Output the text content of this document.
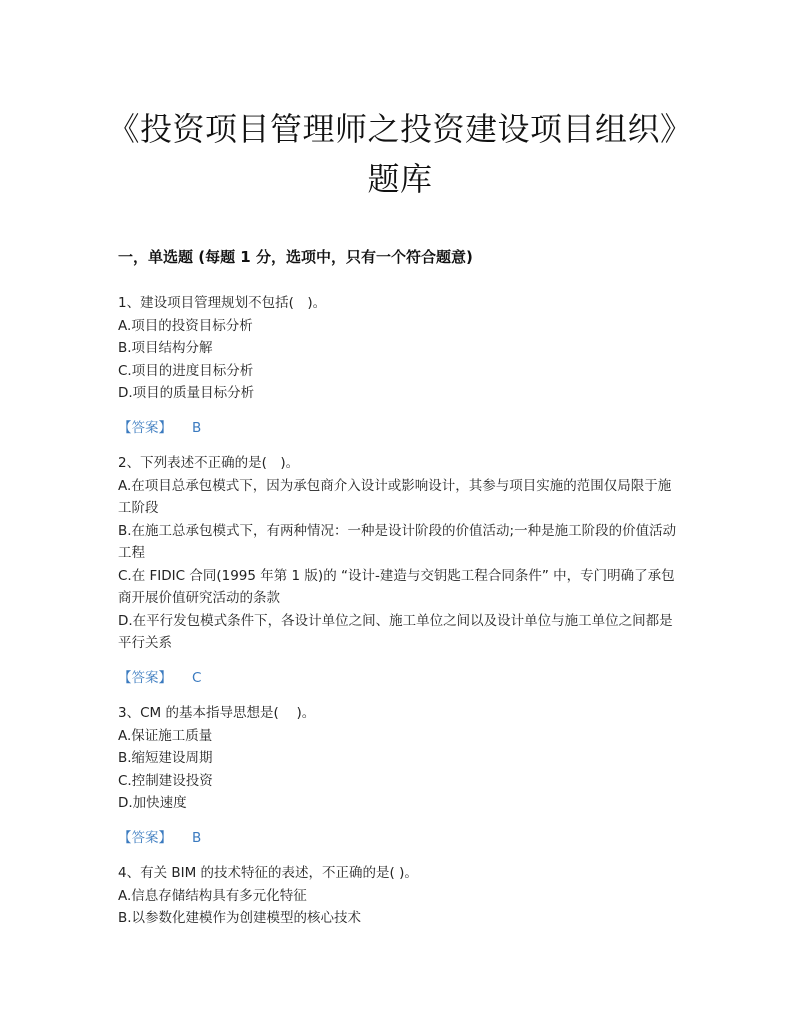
《投资项目管理师之投资建设项目组织》题库
一，单选题 (每题 1 分，选项中，只有一个符合题意)

1、建设项目管理规划不包括(　)。

A.项目的投资目标分析

B.项目结构分解

C.项目的进度目标分析

D.项目的质量目标分析

【答案】 B

2、下列表述不正确的是(　)。

A.在项目总承包模式下，因为承包商介入设计或影响设计，其参与项目实施的范围仅局限于施工阶段

B.在施工总承包模式下，有两种情况：一种是设计阶段的价值活动;一种是施工阶段的价值活动工程

C.在 FIDIC 合同(1995 年第 1 版)的 “设计-建造与交钥匙工程合同条件” 中，专门明确了承包商开展价值研究活动的条款

D.在平行发包模式条件下，各设计单位之间、施工单位之间以及设计单位与施工单位之间都是平行关系

【答案】 C

3、CM 的基本指导思想是(　 )。

A.保证施工质量

B.缩短建设周期

C.控制建设投资

D.加快速度

【答案】 B

4、有关 BIM 的技术特征的表述，不正确的是( )。

A.信息存储结构具有多元化特征

B.以参数化建模作为创建模型的核心技术
